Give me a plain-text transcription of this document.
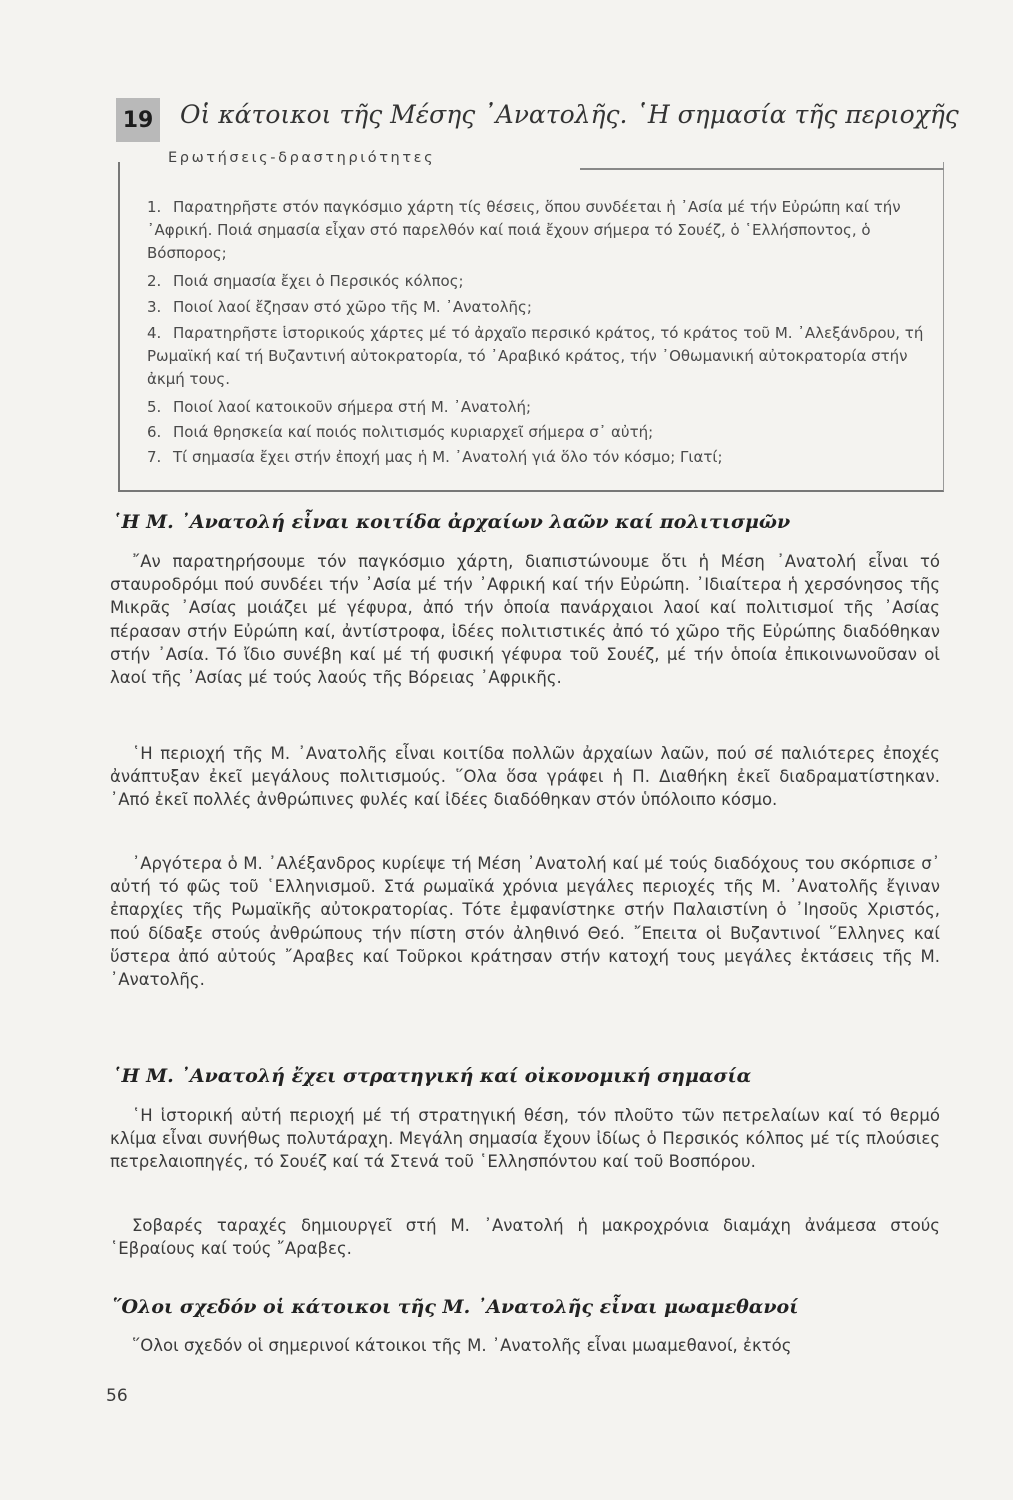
19 Οἱ κάτοικοι τῆς Μέσης ᾿Ανατολῆς. ῾Η σημασία τῆς περιοχῆς
Ερωτήσεις-δραστηριότητες
1. Παρατηρῆστε στόν παγκόσμιο χάρτη τίς θέσεις, ὅπου συνδέεται ἡ ᾿Ασία μέ τήν Εὐρώπη καί τήν ᾿Αφρική. Ποιά σημασία εἶχαν στό παρελθόν καί ποιά ἔχουν σήμερα τό Σουέζ, ὁ ῾Ελλήσποντος, ὁ Βόσπορος;
2. Ποιά σημασία ἔχει ὁ Περσικός κόλπος;
3. Ποιοί λαοί ἔζησαν στό χῶρο τῆς Μ. ᾿Ανατολῆς;
4. Παρατηρῆστε ἱστορικούς χάρτες μέ τό ἀρχαῖο περσικό κράτος, τό κράτος τοῦ Μ. ᾿Αλεξάνδρου, τή Ρωμαϊκή καί τή Βυζαντινή αὐτοκρατορία, τό ᾿Αραβικό κράτος, τήν ᾿Οθωμανική αὐτοκρατορία στήν ἀκμή τους.
5. Ποιοί λαοί κατοικοῦν σήμερα στή Μ. ᾿Ανατολή;
6. Ποιά θρησκεία καί ποιός πολιτισμός κυριαρχεῖ σήμερα σ᾿ αὐτή;
7. Τί σημασία ἔχει στήν ἐποχή μας ἡ Μ. ᾿Ανατολή γιά ὅλο τόν κόσμο; Γιατί;
῾Η Μ. ᾿Ανατολή εἶναι κοιτίδα ἀρχαίων λαῶν καί πολιτισμῶν
῎Αν παρατηρήσουμε τόν παγκόσμιο χάρτη, διαπιστώνουμε ὅτι ἡ Μέση ᾿Ανατολή εἶναι τό σταυροδρόμι πού συνδέει τήν ᾿Ασία μέ τήν ᾿Αφρική καί τήν Εὐρώπη. ᾿Ιδιαίτερα ἡ χερσόνησος τῆς Μικρᾶς ᾿Ασίας μοιάζει μέ γέφυρα, ἀπό τήν ὁποία πανάρχαιοι λαοί καί πολιτισμοί τῆς ᾿Ασίας πέρασαν στήν Εὐρώπη καί, ἀντίστροφα, ἰδέες πολιτιστικές ἀπό τό χῶρο τῆς Εὐρώπης διαδόθηκαν στήν ᾿Ασία. Τό ἴδιο συνέβη καί μέ τή φυσική γέφυρα τοῦ Σουέζ, μέ τήν ὁποία ἐπικοινωνοῦσαν οἱ λαοί τῆς ᾿Ασίας μέ τούς λαούς τῆς Βόρειας ᾿Αφρικῆς.
῾Η περιοχή τῆς Μ. ᾿Ανατολῆς εἶναι κοιτίδα πολλῶν ἀρχαίων λαῶν, πού σέ παλιότερες ἐποχές ἀνάπτυξαν ἐκεῖ μεγάλους πολιτισμούς. ῞Ολα ὅσα γράφει ἡ Π. Διαθήκη ἐκεῖ διαδραματίστηκαν. ᾿Από ἐκεῖ πολλές ἀνθρώπινες φυλές καί ἰδέες διαδόθηκαν στόν ὑπόλοιπο κόσμο.
᾿Αργότερα ὁ Μ. ᾿Αλέξανδρος κυρίεψε τή Μέση ᾿Ανατολή καί μέ τούς διαδόχους του σκόρπισε σ᾿ αὐτή τό φῶς τοῦ ῾Ελληνισμοῦ. Στά ρωμαϊκά χρόνια μεγάλες περιοχές τῆς Μ. ᾿Ανατολῆς ἔγιναν ἐπαρχίες τῆς Ρωμαϊκῆς αὐτοκρατορίας. Τότε ἐμφανίστηκε στήν Παλαιστίνη ὁ ᾿Ιησοῦς Χριστός, πού δίδαξε στούς ἀνθρώπους τήν πίστη στόν ἀληθινό Θεό. ῎Επειτα οἱ Βυζαντινοί ῞Ελληνες καί ὕστερα ἀπό αὐτούς ῎Αραβες καί Τοῦρκοι κράτησαν στήν κατοχή τους μεγάλες ἐκτάσεις τῆς Μ. ᾿Ανατολῆς.
῾Η Μ. ᾿Ανατολή ἔχει στρατηγική καί οἰκονομική σημασία
῾Η ἱστορική αὐτή περιοχή μέ τή στρατηγική θέση, τόν πλοῦτο τῶν πετρελαίων καί τό θερμό κλίμα εἶναι συνήθως πολυτάραχη. Μεγάλη σημασία ἔχουν ἰδίως ὁ Περσικός κόλπος μέ τίς πλούσιες πετρελαιοπηγές, τό Σουέζ καί τά Στενά τοῦ ῾Ελλησπόντου καί τοῦ Βοσπόρου.
Σοβαρές ταραχές δημιουργεῖ στή Μ. ᾿Ανατολή ἡ μακροχρόνια διαμάχη ἀνάμεσα στούς ῾Εβραίους καί τούς ῎Αραβες.
῞Ολοι σχεδόν οἱ κάτοικοι τῆς Μ. ᾿Ανατολῆς εἶναι μωαμεθανοί
῞Ολοι σχεδόν οἱ σημερινοί κάτοικοι τῆς Μ. ᾿Ανατολῆς εἶναι μωαμεθανοί, ἐκτός
56
